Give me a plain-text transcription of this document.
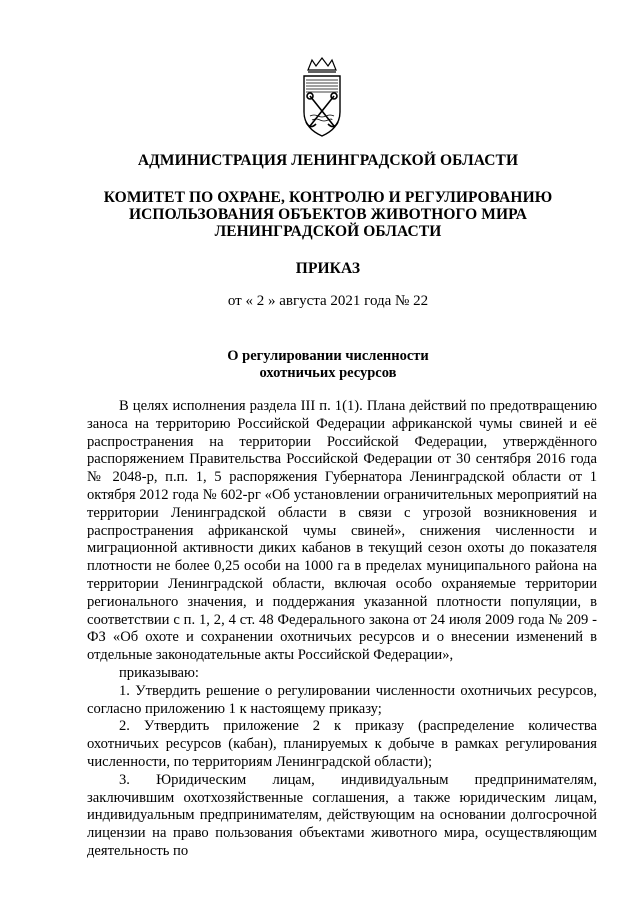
АДМИНИСТРАЦИЯ ЛЕНИНГРАДСКОЙ ОБЛАСТИ
КОМИТЕТ ПО ОХРАНЕ, КОНТРОЛЮ И РЕГУЛИРОВАНИЮ
ИСПОЛЬЗОВАНИЯ ОБЪЕКТОВ ЖИВОТНОГО МИРА
ЛЕНИНГРАДСКОЙ ОБЛАСТИ
ПРИКАЗ
от « 2 » августа 2021 года № 22
О регулировании численности
охотничьих ресурсов

В целях исполнения раздела III п. 1(1). Плана действий по предотвращению заноса на территорию Российской Федерации африканской чумы свиней и её распространения на территории Российской Федерации, утверждённого распоряжением Правительства Российской Федерации от 30 сентября 2016 года № 2048-р, п.п. 1, 5 распоряжения Губернатора Ленинградской области от 1 октября 2012 года № 602-рг «Об установлении ограничительных мероприятий на территории Ленинградской области в связи с угрозой возникновения и распространения африканской чумы свиней», снижения численности и миграционной активности диких кабанов в текущий сезон охоты до показателя плотности не более 0,25 особи на 1000 га в пределах муниципального района на территории Ленинградской области, включая особо охраняемые территории регионального значения, и поддержания указанной плотности популяции, в соответствии с п. 1, 2, 4 ст. 48 Федерального закона от 24 июля 2009 года № 209 - ФЗ «Об охоте и сохранении охотничьих ресурсов и о внесении изменений в отдельные законодательные акты Российской Федерации»,

приказываю:

1. Утвердить решение о регулировании численности охотничьих ресурсов, согласно приложению 1 к настоящему приказу;

2. Утвердить приложение 2 к приказу (распределение количества охотничьих ресурсов (кабан), планируемых к добыче в рамках регулирования численности, по территориям Ленинградской области);

3. Юридическим лицам, индивидуальным предпринимателям, заключившим охотхозяйственные соглашения, а также юридическим лицам, индивидуальным предпринимателям, действующим на основании долгосрочной лицензии на право пользования объектами животного мира, осуществляющим деятельность по
